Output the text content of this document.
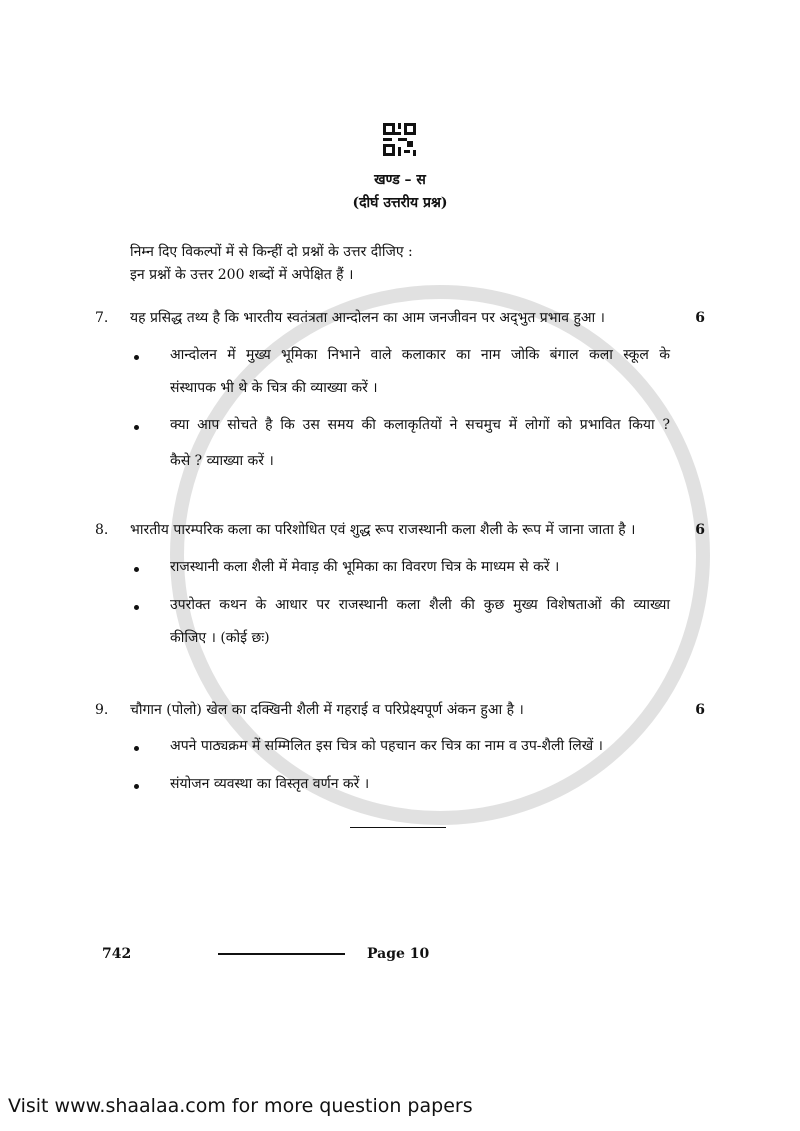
खण्ड – स
(दीर्घ उत्तरीय प्रश्न)
निम्न दिए विकल्पों में से किन्हीं दो प्रश्नों के उत्तर दीजिए :
इन प्रश्नों के उत्तर 200 शब्दों में अपेक्षित हैं ।
7.	यह प्रसिद्ध तथ्य है कि भारतीय स्वतंत्रता आन्दोलन का आम जनजीवन पर अद्‌भुत प्रभाव हुआ ।	6
आन्दोलन में मुख्य भूमिका निभाने वाले कलाकार का नाम जोकि बंगाल कला स्कूल के
संस्थापक भी थे के चित्र की व्याख्या करें ।
क्या आप सोचते है कि उस समय की कलाकृतियों ने सचमुच में लोगों को प्रभावित किया ?
कैसे ? व्याख्या करें ।
8.	भारतीय पारम्परिक कला का परिशोधित एवं शुद्ध रूप राजस्थानी कला शैली के रूप में जाना जाता है ।	6
राजस्थानी कला शैली में मेवाड़ की भूमिका का विवरण चित्र के माध्यम से करें ।
उपरोक्त कथन के आधार पर राजस्थानी कला शैली की कुछ मुख्य विशेषताओं की व्याख्या
कीजिए । (कोई छः)
9.	चौगान (पोलो) खेल का दक्खिनी शैली में गहराई व परिप्रेक्ष्यपूर्ण अंकन हुआ है ।	6
अपने पाठ्यक्रम में सम्मिलित इस चित्र को पहचान कर चित्र का नाम व उप-शैली लिखें ।
संयोजन व्यवस्था का विस्तृत वर्णन करें ।
742	Page 10
Visit www.shaalaa.com for more question papers
